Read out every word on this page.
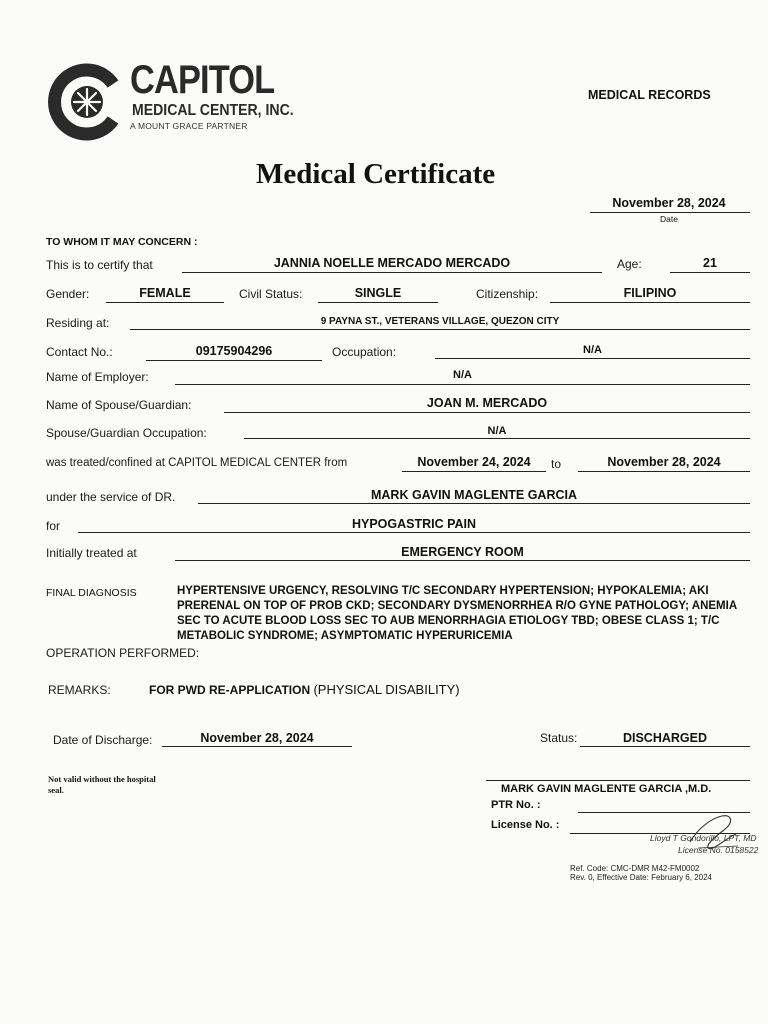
CAPITOL
MEDICAL CENTER, INC.
A MOUNT GRACE PARTNER
MEDICAL RECORDS
Medical Certificate
November 28, 2024
Date
TO WHOM IT MAY CONCERN :
This is to certify that	JANNIA NOELLE MERCADO MERCADO	Age:	21
Gender:	FEMALE	Civil Status:	SINGLE	Citizenship:	FILIPINO
Residing at:	9 PAYNA ST., VETERANS VILLAGE, QUEZON CITY
Contact No.:	09175904296	Occupation:	N/A
Name of Employer:	N/A
Name of Spouse/Guardian:	JOAN M. MERCADO
Spouse/Guardian Occupation:	N/A
was treated/confined at CAPITOL MEDICAL CENTER from	November 24, 2024	to	November 28, 2024
under the service of DR.	MARK GAVIN MAGLENTE GARCIA
for	HYPOGASTRIC PAIN
Initially treated at	EMERGENCY ROOM
FINAL DIAGNOSIS	HYPERTENSIVE URGENCY, RESOLVING T/C SECONDARY HYPERTENSION; HYPOKALEMIA; AKI PRERENAL ON TOP OF PROB CKD; SECONDARY DYSMENORRHEA R/O GYNE PATHOLOGY; ANEMIA SEC TO ACUTE BLOOD LOSS SEC TO AUB MENORRHAGIA ETIOLOGY TBD; OBESE CLASS 1; T/C METABOLIC SYNDROME; ASYMPTOMATIC HYPERURICEMIA
OPERATION PERFORMED:
REMARKS:	FOR PWD RE-APPLICATION (PHYSICAL DISABILITY)
Date of Discharge:	November 28, 2024	Status:	DISCHARGED
Not valid without the hospital
seal.	MARK GAVIN MAGLENTE GARCIA ,M.D.
PTR No. :
License No. :
Lloyd T Gondorillo, LPT, MD
License No. 0158522
Ref. Code: CMC-DMR M42-FM0002
Rev. 0, Effective Date: February 6, 2024
